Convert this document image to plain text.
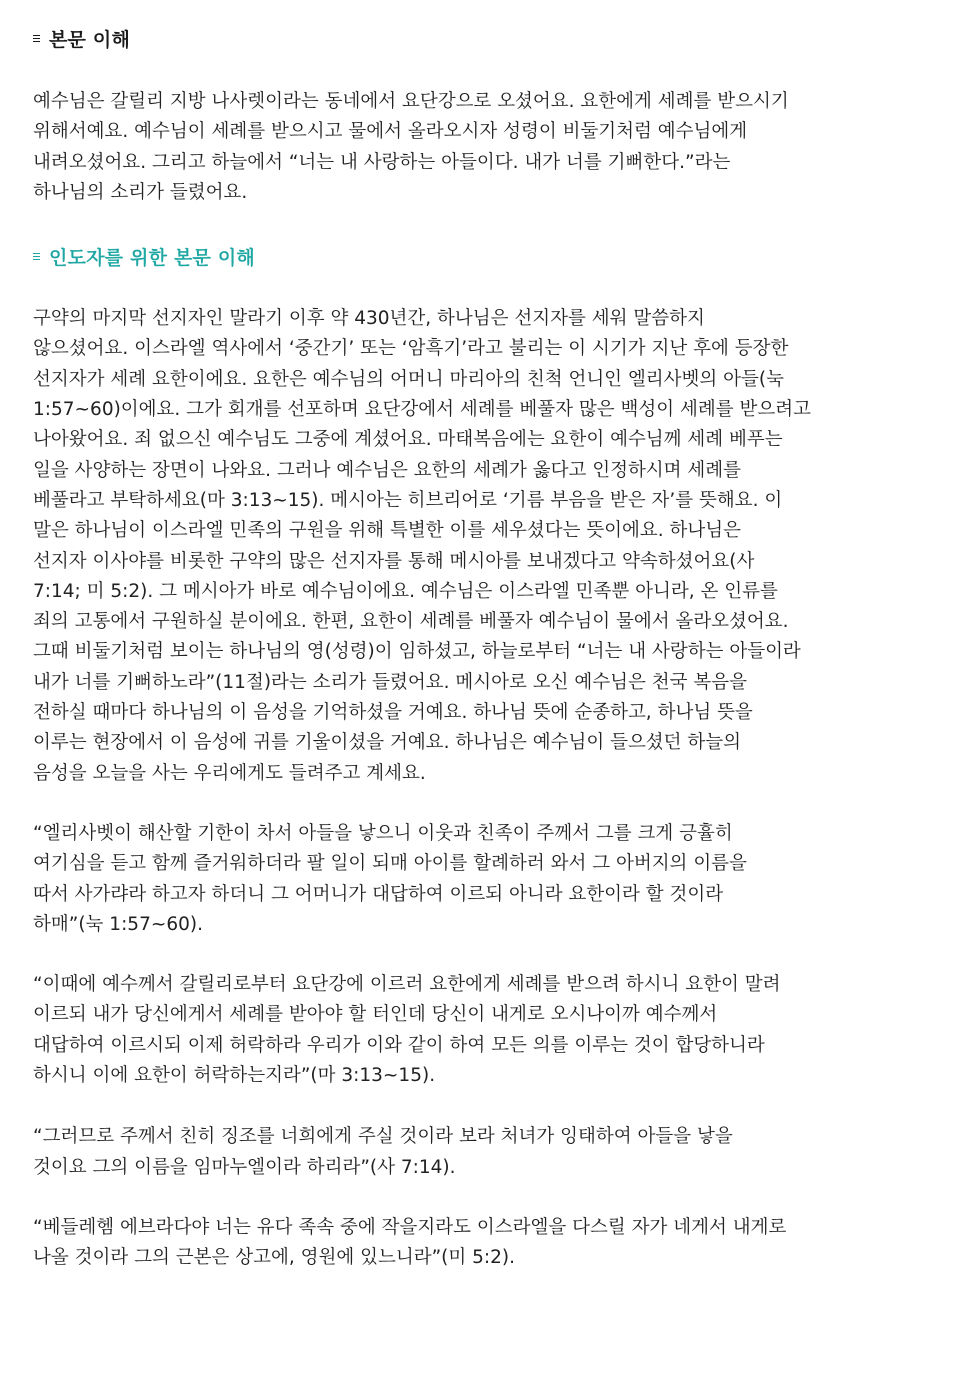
본문 이해

예수님은 갈릴리 지방 나사렛이라는 동네에서 요단강으로 오셨어요. 요한에게 세례를 받으시기
위해서예요. 예수님이 세례를 받으시고 물에서 올라오시자 성령이 비둘기처럼 예수님에게
내려오셨어요. 그리고 하늘에서 “너는 내 사랑하는 아들이다. 내가 너를 기뻐한다.”라는
하나님의 소리가 들렸어요.

인도자를 위한 본문 이해

구약의 마지막 선지자인 말라기 이후 약 430년간, 하나님은 선지자를 세워 말씀하지
않으셨어요. 이스라엘 역사에서 ‘중간기’ 또는 ‘암흑기’라고 불리는 이 시기가 지난 후에 등장한
선지자가 세례 요한이에요. 요한은 예수님의 어머니 마리아의 친척 언니인 엘리사벳의 아들(눅
1:57~60)이에요. 그가 회개를 선포하며 요단강에서 세례를 베풀자 많은 백성이 세례를 받으려고
나아왔어요. 죄 없으신 예수님도 그중에 계셨어요. 마태복음에는 요한이 예수님께 세례 베푸는
일을 사양하는 장면이 나와요. 그러나 예수님은 요한의 세례가 옳다고 인정하시며 세례를
베풀라고 부탁하세요(마 3:13~15). 메시아는 히브리어로 ‘기름 부음을 받은 자’를 뜻해요. 이
말은 하나님이 이스라엘 민족의 구원을 위해 특별한 이를 세우셨다는 뜻이에요. 하나님은
선지자 이사야를 비롯한 구약의 많은 선지자를 통해 메시아를 보내겠다고 약속하셨어요(사
7:14; 미 5:2). 그 메시아가 바로 예수님이에요. 예수님은 이스라엘 민족뿐 아니라, 온 인류를
죄의 고통에서 구원하실 분이에요. 한편, 요한이 세례를 베풀자 예수님이 물에서 올라오셨어요.
그때 비둘기처럼 보이는 하나님의 영(성령)이 임하셨고, 하늘로부터 “너는 내 사랑하는 아들이라
내가 너를 기뻐하노라”(11절)라는 소리가 들렸어요. 메시아로 오신 예수님은 천국 복음을
전하실 때마다 하나님의 이 음성을 기억하셨을 거예요. 하나님 뜻에 순종하고, 하나님 뜻을
이루는 현장에서 이 음성에 귀를 기울이셨을 거예요. 하나님은 예수님이 들으셨던 하늘의
음성을 오늘을 사는 우리에게도 들려주고 계세요.

“엘리사벳이 해산할 기한이 차서 아들을 낳으니 이웃과 친족이 주께서 그를 크게 긍휼히
여기심을 듣고 함께 즐거워하더라 팔 일이 되매 아이를 할례하러 와서 그 아버지의 이름을
따서 사가랴라 하고자 하더니 그 어머니가 대답하여 이르되 아니라 요한이라 할 것이라
하매”(눅 1:57~60).

“이때에 예수께서 갈릴리로부터 요단강에 이르러 요한에게 세례를 받으려 하시니 요한이 말려
이르되 내가 당신에게서 세례를 받아야 할 터인데 당신이 내게로 오시나이까 예수께서
대답하여 이르시되 이제 허락하라 우리가 이와 같이 하여 모든 의를 이루는 것이 합당하니라
하시니 이에 요한이 허락하는지라”(마 3:13~15).

“그러므로 주께서 친히 징조를 너희에게 주실 것이라 보라 처녀가 잉태하여 아들을 낳을
것이요 그의 이름을 임마누엘이라 하리라”(사 7:14).

“베들레헴 에브라다야 너는 유다 족속 중에 작을지라도 이스라엘을 다스릴 자가 네게서 내게로
나올 것이라 그의 근본은 상고에, 영원에 있느니라”(미 5:2).
